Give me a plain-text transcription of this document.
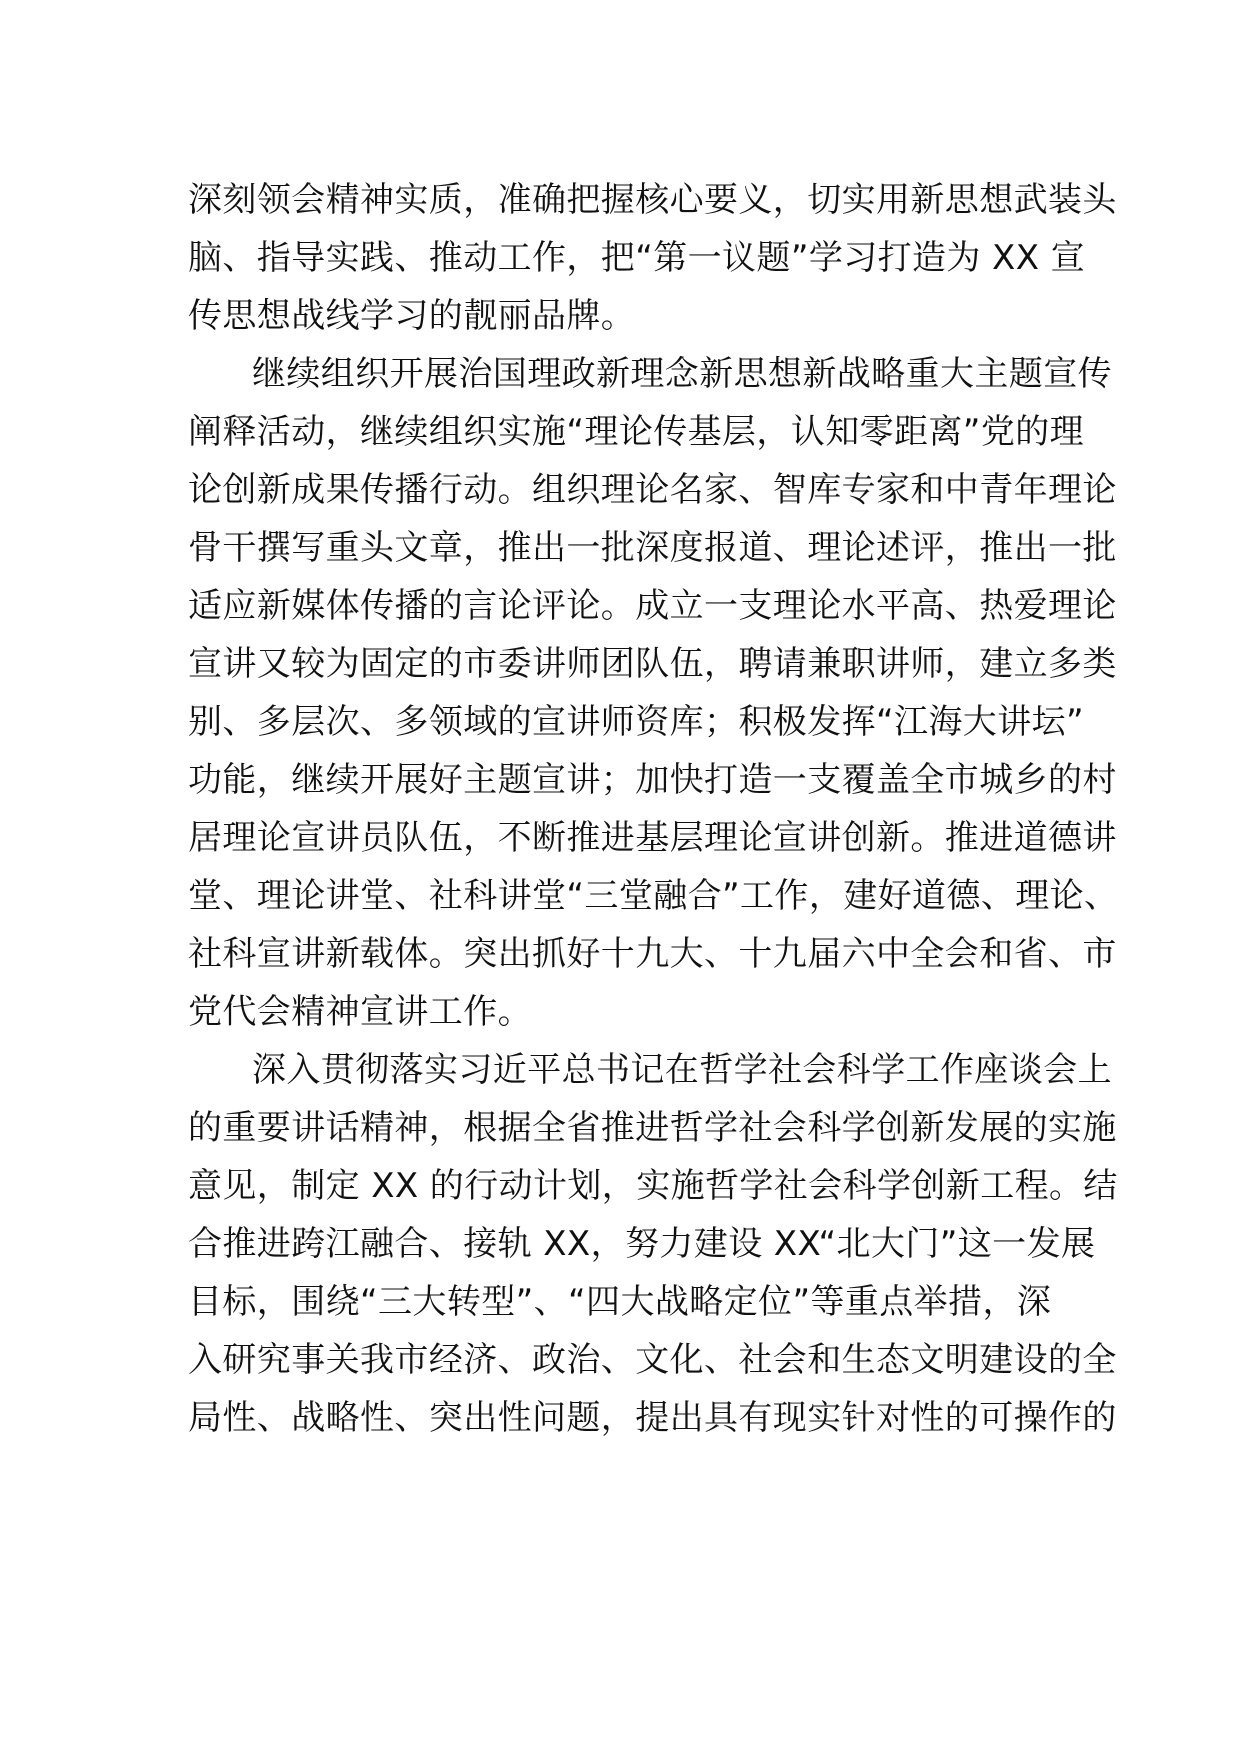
深刻领会精神实质，准确把握核心要义，切实用新思想武装头
脑、指导实践、推动工作，把“第一议题”学习打造为 XX 宣
传思想战线学习的靓丽品牌。
继续组织开展治国理政新理念新思想新战略重大主题宣传
阐释活动，继续组织实施“理论传基层，认知零距离”党的理
论创新成果传播行动。组织理论名家、智库专家和中青年理论
骨干撰写重头文章，推出一批深度报道、理论述评，推出一批
适应新媒体传播的言论评论。成立一支理论水平高、热爱理论
宣讲又较为固定的市委讲师团队伍，聘请兼职讲师，建立多类
别、多层次、多领域的宣讲师资库；积极发挥“江海大讲坛”
功能，继续开展好主题宣讲；加快打造一支覆盖全市城乡的村
居理论宣讲员队伍，不断推进基层理论宣讲创新。推进道德讲
堂、理论讲堂、社科讲堂“三堂融合”工作，建好道德、理论、
社科宣讲新载体。突出抓好十九大、十九届六中全会和省、市
党代会精神宣讲工作。
深入贯彻落实习近平总书记在哲学社会科学工作座谈会上
的重要讲话精神，根据全省推进哲学社会科学创新发展的实施
意见，制定 XX 的行动计划，实施哲学社会科学创新工程。结
合推进跨江融合、接轨 XX，努力建设 XX“北大门”这一发展
目标，围绕“三大转型”、“四大战略定位”等重点举措，深
入研究事关我市经济、政治、文化、社会和生态文明建设的全
局性、战略性、突出性问题，提出具有现实针对性的可操作的
